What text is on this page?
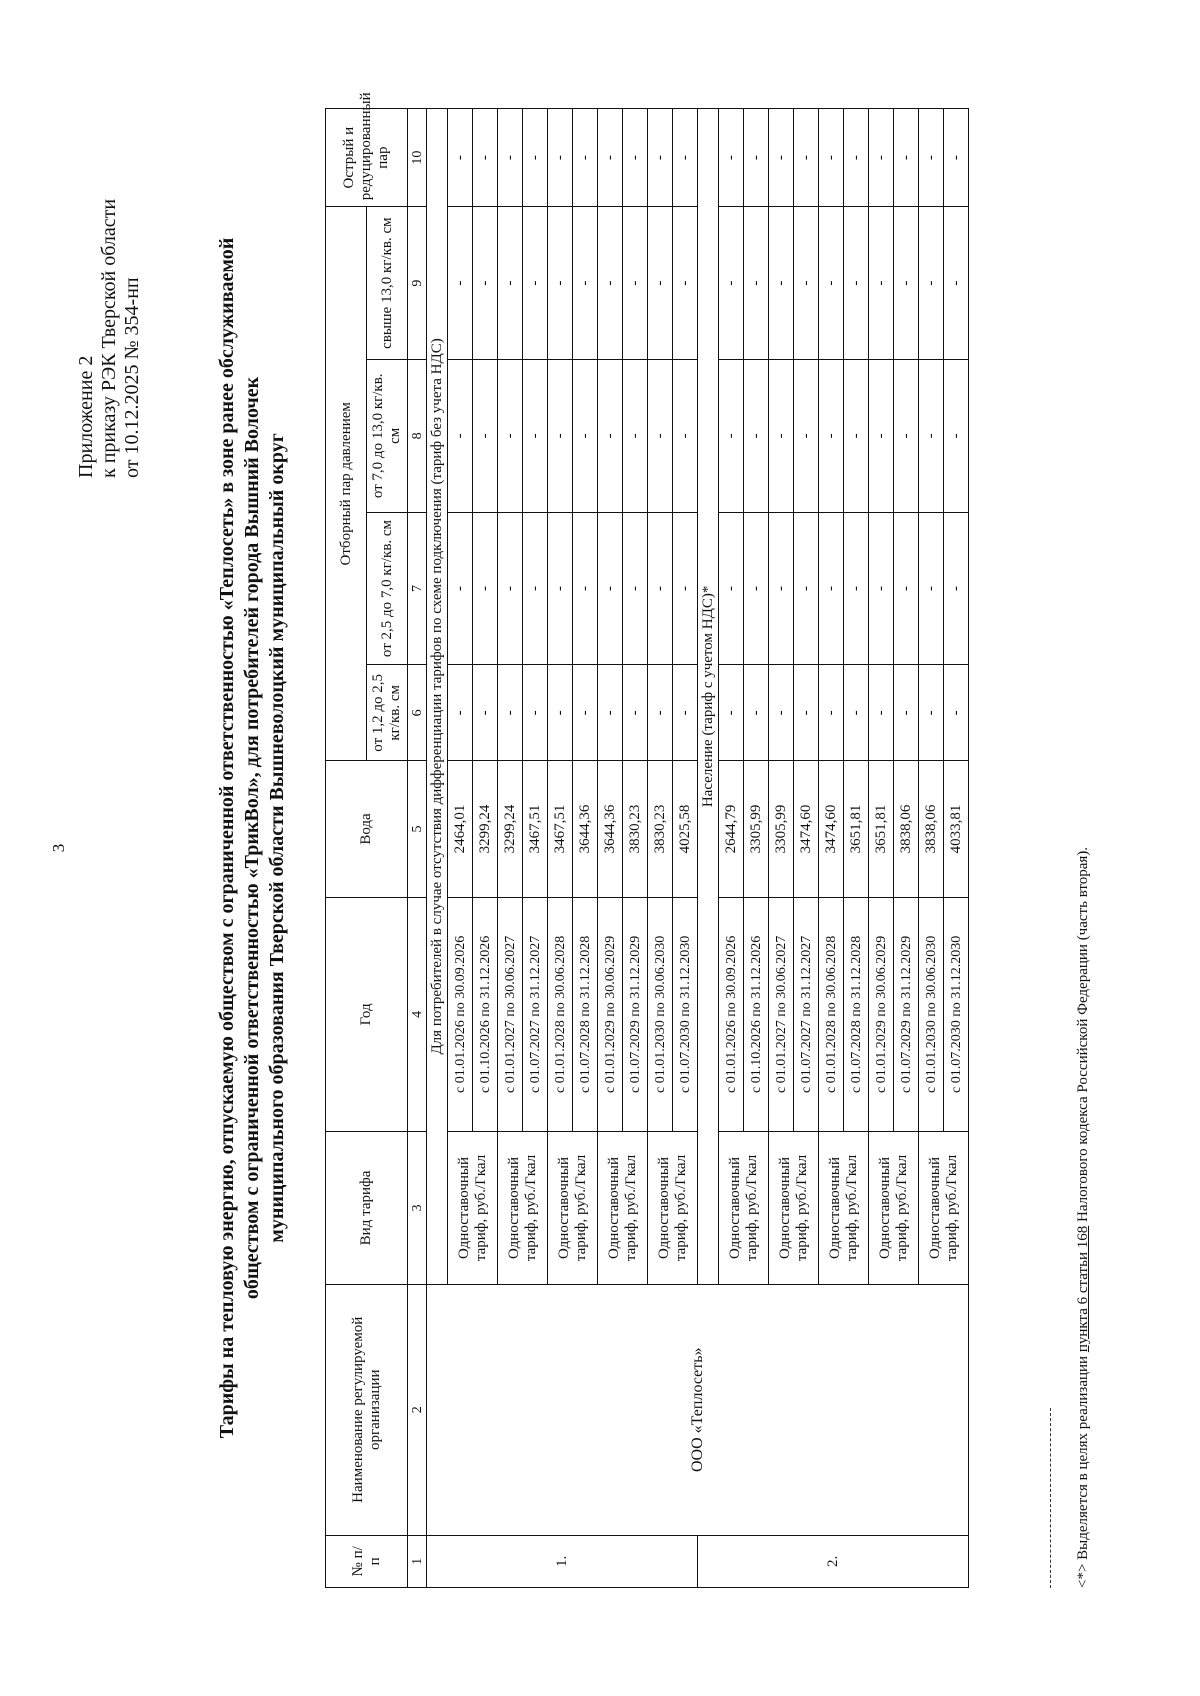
3
Приложение 2 к приказу РЭК Тверской области от 10.12.2025 № 354-нп	Тарифы на тепловую энергию, отпускаемую обществом с ограниченной ответственностью «Теплосеть» в зоне ранее обслуживаемой обществом с ограниченной ответственностью «ТрикВол», для потребителей города Вышний Волочек муниципального образования Тверской области Вышневолоцкий муниципальный округ
№ п/ п	Наименование регулируемой организации	Вид тарифа	Год	Вода	Отборный пар давлением				Острый и редуцированный пар
					от 1,2 до 2,5 кг/кв. см	от 2,5 до 7,0 кг/кв. см	от 7,0 до 13,0 кг/кв. см	свыше 13,0 кг/кв. см	
1	2	3	4	5	6	7	8	9	10
1.	ООО «Теплосеть»	Для потребителей в случае отсутствия дифференциации тарифов по схеме подключения (тариф без учета НДС)							
		Одноставочный тариф, руб./Гкал	с 01.01.2026 по 30.09.2026	2464,01	-	-	-	-	-
			с 01.10.2026 по 31.12.2026	3299,24	-	-	-	-	-
		Одноставочный тариф, руб./Гкал	с 01.01.2027 по 30.06.2027	3299,24	-	-	-	-	-
			с 01.07.2027 по 31.12.2027	3467,51	-	-	-	-	-
		Одноставочный тариф, руб./Гкал	с 01.01.2028 по 30.06.2028	3467,51	-	-	-	-	-
			с 01.07.2028 по 31.12.2028	3644,36	-	-	-	-	-
		Одноставочный тариф, руб./Гкал	с 01.01.2029 по 30.06.2029	3644,36	-	-	-	-	-
			с 01.07.2029 по 31.12.2029	3830,23	-	-	-	-	-
		Одноставочный тариф, руб./Гкал	с 01.01.2030 по 30.06.2030	3830,23	-	-	-	-	-
			с 01.07.2030 по 31.12.2030	4025,58	-	-	-	-	-
2.		Население (тариф с учетом НДС)*							
		Одноставочный тариф, руб./Гкал	с 01.01.2026 по 30.09.2026	2644,79	-	-	-	-	-
			с 01.10.2026 по 31.12.2026	3305,99	-	-	-	-	-
		Одноставочный тариф, руб./Гкал	с 01.01.2027 по 30.06.2027	3305,99	-	-	-	-	-
			с 01.07.2027 по 31.12.2027	3474,60	-	-	-	-	-
		Одноставочный тариф, руб./Гкал	с 01.01.2028 по 30.06.2028	3474,60	-	-	-	-	-
			с 01.07.2028 по 31.12.2028	3651,81	-	-	-	-	-
		Одноставочный тариф, руб./Гкал	с 01.01.2029 по 30.06.2029	3651,81	-	-	-	-	-
			с 01.07.2029 по 31.12.2029	3838,06	-	-	-	-	-
		Одноставочный тариф, руб./Гкал	с 01.01.2030 по 30.06.2030	3838,06	-	-	-	-	-
			с 01.07.2030 по 31.12.2030	4033,81	-	-	-	-	-
<*> Выделяется в целях реализации пункта 6 статьи 168 Налогового кодекса Российской Федерации (часть вторая).
